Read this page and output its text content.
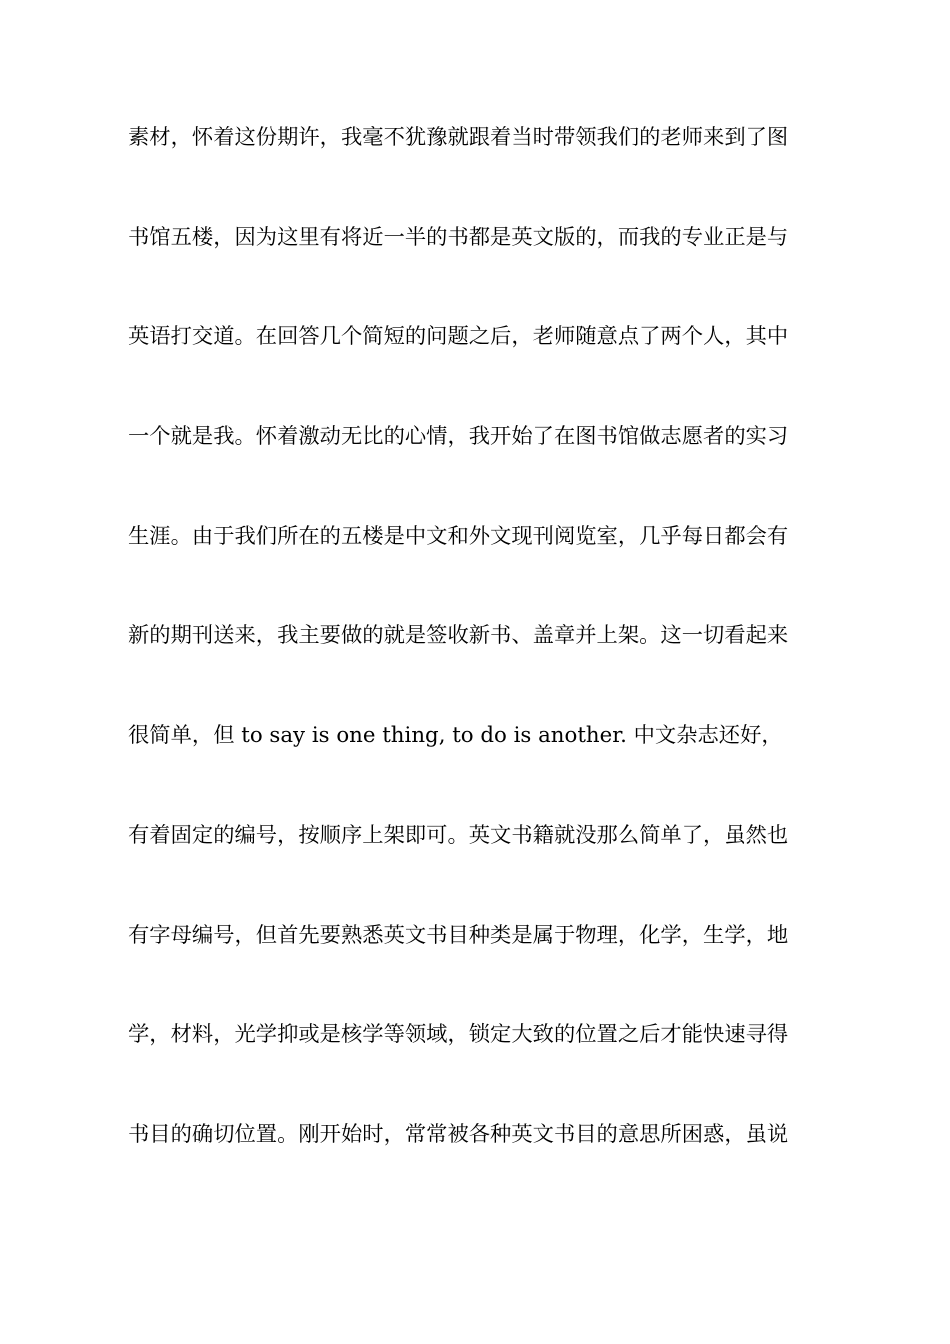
素材，怀着这份期许，我毫不犹豫就跟着当时带领我们的老师来到了图
书馆五楼，因为这里有将近一半的书都是英文版的，而我的专业正是与
英语打交道。在回答几个简短的问题之后，老师随意点了两个人，其中
一个就是我。怀着激动无比的心情，我开始了在图书馆做志愿者的实习
生涯。由于我们所在的五楼是中文和外文现刊阅览室，几乎每日都会有
新的期刊送来，我主要做的就是签收新书、盖章并上架。这一切看起来
很简单，但 to say is one thing, to do is another. 中文杂志还好，
有着固定的编号，按顺序上架即可。英文书籍就没那么简单了，虽然也
有字母编号，但首先要熟悉英文书目种类是属于物理，化学，生学，地
学，材料，光学抑或是核学等领域，锁定大致的位置之后才能快速寻得
书目的确切位置。刚开始时，常常被各种英文书目的意思所困惑，虽说
